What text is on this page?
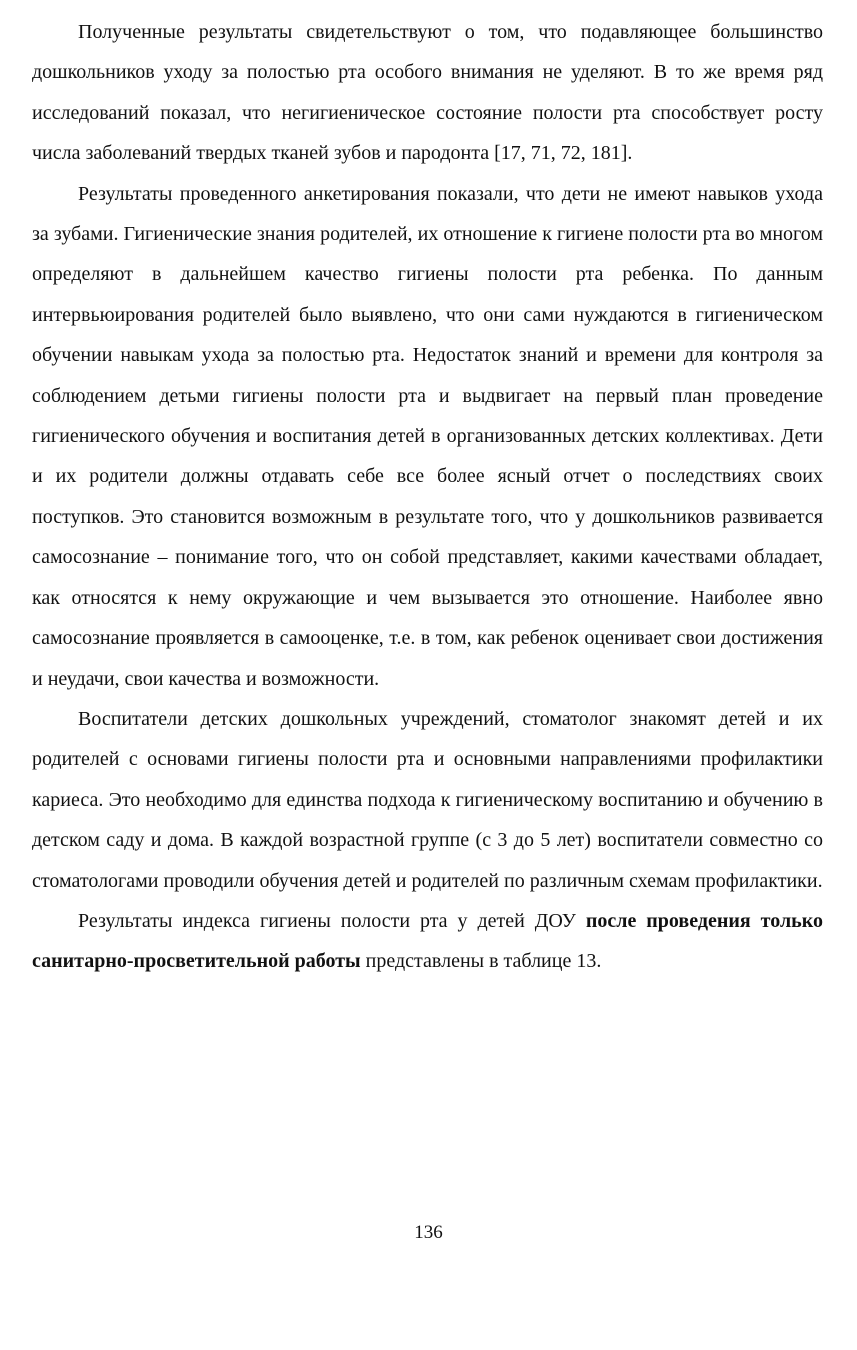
Полученные результаты свидетельствуют о том, что подавляющее большинство дошкольников уходу за полостью рта особого внимания не уделяют. В то же время ряд исследований показал, что негигиеническое состояние полости рта способствует росту числа заболеваний твердых тканей зубов и пародонта [17, 71, 72, 181].

Результаты проведенного анкетирования показали, что дети не имеют навыков ухода за зубами. Гигиенические знания родителей, их отношение к гигиене полости рта во многом определяют в дальнейшем качество гигиены полости рта ребенка. По данным интервьюирования родителей было выявлено, что они сами нуждаются в гигиеническом обучении навыкам ухода за полостью рта. Недостаток знаний и времени для контроля за соблюдением детьми гигиены полости рта и выдвигает на первый план проведение гигиенического обучения и воспитания детей в организованных детских коллективах. Дети и их родители должны отдавать себе все более ясный отчет о последствиях своих поступков. Это становится возможным в результате того, что у дошкольников развивается самосознание – понимание того, что он собой представляет, какими качествами обладает, как относятся к нему окружающие и чем вызывается это отношение. Наиболее явно самосознание проявляется в самооценке, т.е. в том, как ребенок оценивает свои достижения и неудачи, свои качества и возможности.

Воспитатели детских дошкольных учреждений, стоматолог знакомят детей и их родителей с основами гигиены полости рта и основными направлениями профилактики кариеса. Это необходимо для единства подхода к гигиеническому воспитанию и обучению в детском саду и дома. В каждой возрастной группе (с 3 до 5 лет) воспитатели совместно со стоматологами проводили обучения детей и родителей по различным схемам профилактики.

Результаты индекса гигиены полости рта у детей ДОУ после проведения только санитарно-просветительной работы представлены в таблице 13.

136
